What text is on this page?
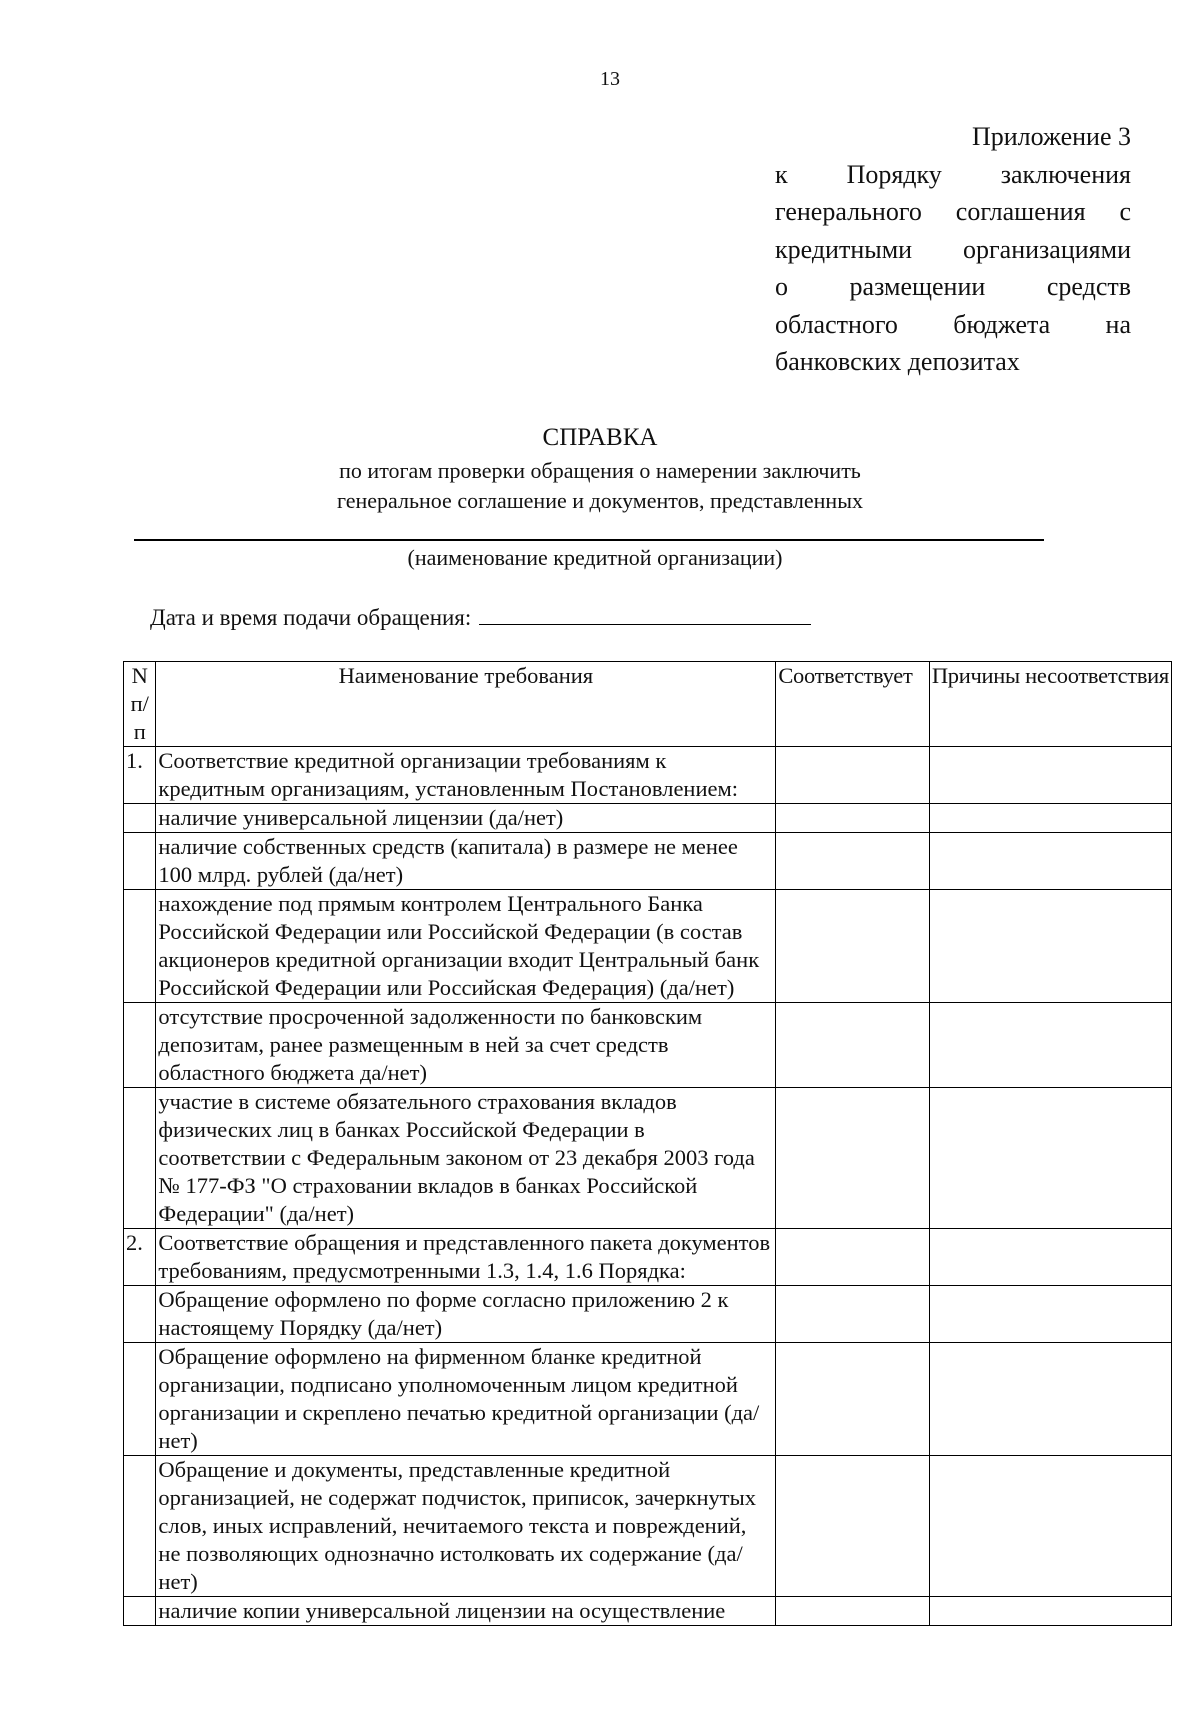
13
Приложение 3
к Порядку заключения
генерального соглашения с
кредитными организациями
о размещении средств
областного бюджета на
банковских депозитах
СПРАВКА
по итогам проверки обращения о намерении заключить
генеральное соглашение и документов, представленных
(наименование кредитной организации)
Дата и время подачи обращения:
N п/п	Наименование требования	Соответствует	Причины несоответствия
1.	Соответствие кредитной организации требованиям к кредитным организациям, установленным Постановлением:		
	наличие универсальной лицензии (да/нет)		
	наличие собственных средств (капитала) в размере не менее 100 млрд. рублей (да/нет)		
	нахождение под прямым контролем Центрального Банка Российской Федерации или Российской Федерации (в состав акционеров кредитной организации входит Центральный банк Российской Федерации или Российская Федерация) (да/нет)		
	отсутствие просроченной задолженности по банковским депозитам, ранее размещенным в ней за счет средств областного бюджета да/нет)		
	участие в системе обязательного страхования вкладов физических лиц в банках Российской Федерации в соответствии с Федеральным законом от 23 декабря 2003 года № 177-ФЗ "О страховании вкладов в банках Российской Федерации" (да/нет)		
2.	Соответствие обращения и представленного пакета документов требованиям, предусмотренными 1.3, 1.4, 1.6 Порядка:		
	Обращение оформлено по форме согласно приложению 2 к настоящему Порядку (да/нет)		
	Обращение оформлено на фирменном бланке кредитной организации, подписано уполномоченным лицом кредитной организации и скреплено печатью кредитной организации (да/нет)		
	Обращение и документы, представленные кредитной организацией, не содержат подчисток, приписок, зачеркнутых слов, иных исправлений, нечитаемого текста и повреждений, не позволяющих однозначно истолковать их содержание (да/нет)		
	наличие копии универсальной лицензии на осуществление		
